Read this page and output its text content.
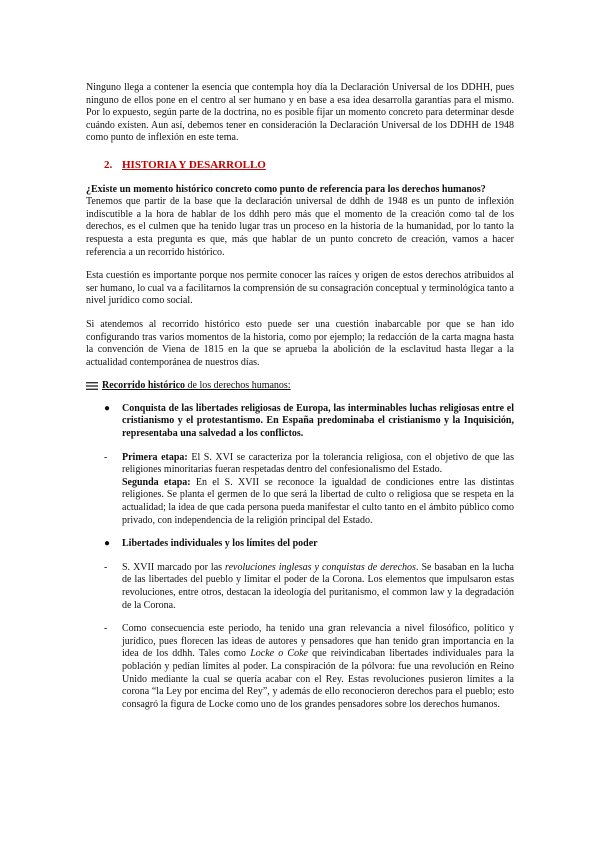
Ninguno llega a contener la esencia que contempla hoy día la Declaración Universal de los DDHH, pues ninguno de ellos pone en el centro al ser humano y en base a esa idea desarrolla garantías para el mismo. Por lo expuesto, según parte de la doctrina, no es posible fijar un momento concreto para determinar desde cuándo existen. Aun así, debemos tener en consideración la Declaración Universal de los DDHH de 1948 como punto de inflexión en este tema.

2. HISTORIA Y DESARROLLO

¿Existe un momento histórico concreto como punto de referencia para los derechos humanos?

Tenemos que partir de la base que la declaración universal de ddhh de 1948 es un punto de inflexión indiscutible a la hora de hablar de los ddhh pero más que el momento de la creación como tal de los derechos, es el culmen que ha tenido lugar tras un proceso en la historia de la humanidad, por lo tanto la respuesta a esta pregunta es que, más que hablar de un punto concreto de creación, vamos a hacer referencia a un recorrido histórico.

Esta cuestión es importante porque nos permite conocer las raíces y origen de estos derechos atribuidos al ser humano, lo cual va a facilitarnos la comprensión de su consagración conceptual y terminológica tanto a nivel jurídico como social.

Si atendemos al recorrido histórico esto puede ser una cuestión inabarcable por que se han ido configurando tras varios momentos de la historia, como por ejemplo; la redacción de la carta magna hasta la convención de Viena de 1815 en la que se aprueba la abolición de la esclavitud hasta llegar a la actualidad contemporánea de nuestros días.

Recorrido histórico de los derechos humanos:
● Conquista de las libertades religiosas de Europa, las interminables luchas religiosas entre el cristianismo y el protestantismo. En España predominaba el cristianismo y la Inquisición, representaba una salvedad a los conflictos.
- Primera etapa: El S. XVI se caracteriza por la tolerancia religiosa, con el objetivo de que las religiones minoritarias fueran respetadas dentro del confesionalismo del Estado.
Segunda etapa: En el S. XVII se reconoce la igualdad de condiciones entre las distintas religiones. Se planta el germen de lo que será la libertad de culto o religiosa que se respeta en la actualidad; la idea de que cada persona pueda manifestar el culto tanto en el ámbito público como privado, con independencia de la religión principal del Estado.
● Libertades individuales y los límites del poder
- S. XVII marcado por las revoluciones inglesas y conquistas de derechos. Se basaban en la lucha de las libertades del pueblo y limitar el poder de la Corona. Los elementos que impulsaron estas revoluciones, entre otros, destacan la ideología del puritanismo, el common law y la degradación de la Corona.
- Como consecuencia este periodo, ha tenido una gran relevancia a nivel filosófico, político y jurídico, pues florecen las ideas de autores y pensadores que han tenido gran importancia en la idea de los ddhh. Tales como Locke o Coke que reivindicaban libertades individuales para la población y pedían límites al poder. La conspiración de la pólvora: fue una revolución en Reino Unido mediante la cual se quería acabar con el Rey. Estas revoluciones pusieron límites a la corona “la Ley por encima del Rey”, y además de ello reconocieron derechos para el pueblo; esto consagró la figura de Locke como uno de los grandes pensadores sobre los derechos humanos.
